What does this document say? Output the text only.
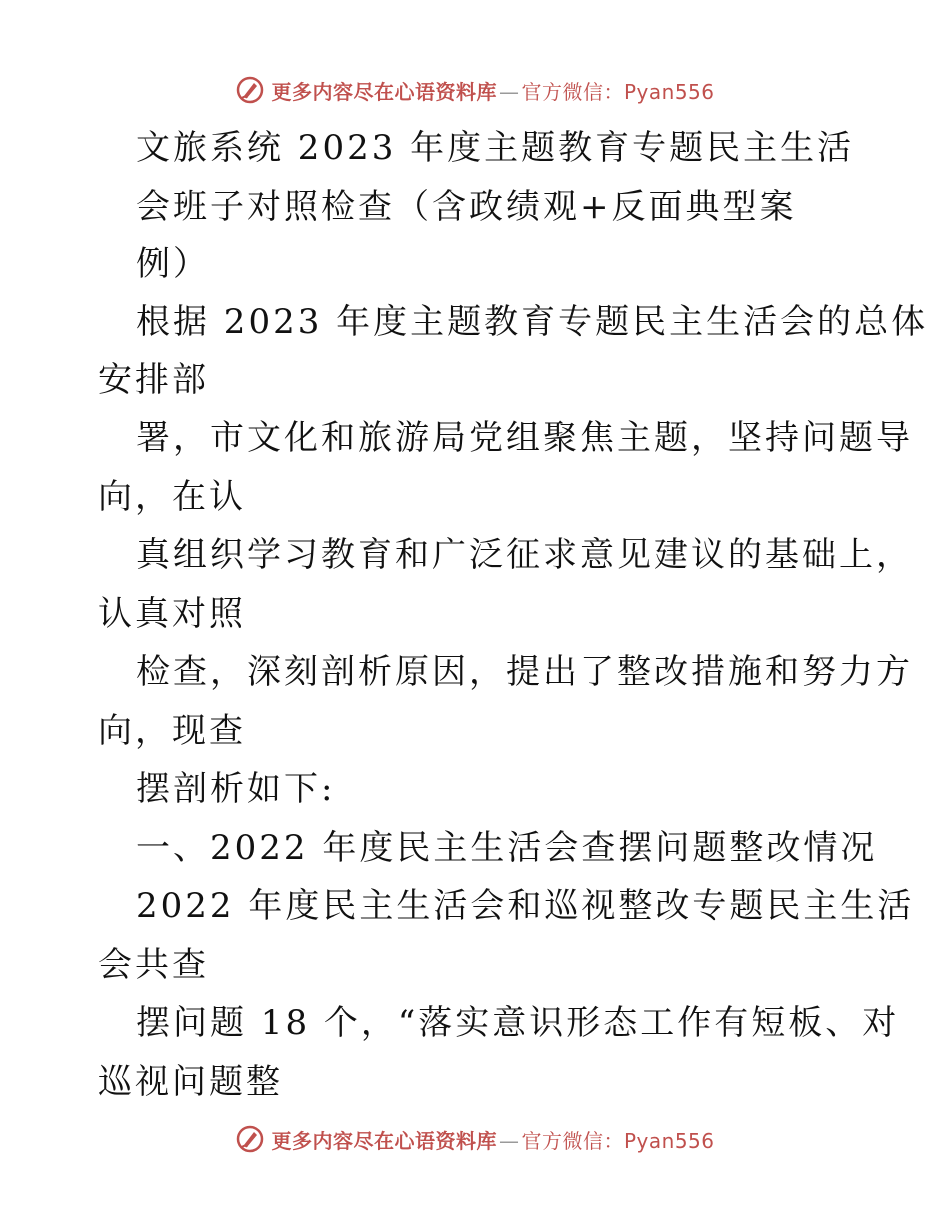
更多内容尽在心语资料库 — 官方微信：Pyan556
文旅系统 2023 年度主题教育专题民主生活
会班子对照检查（含政绩观+反面典型案
例）
根据 2023 年度主题教育专题民主生活会的总体
安排部
署，市文化和旅游局党组聚焦主题，坚持问题导
向，在认
真组织学习教育和广泛征求意见建议的基础上，
认真对照
检查，深刻剖析原因，提出了整改措施和努力方
向，现查
摆剖析如下:
一、2022 年度民主生活会查摆问题整改情况
2022 年度民主生活会和巡视整改专题民主生活
会共查
摆问题 18 个，“落实意识形态工作有短板、对
巡视问题整
更多内容尽在心语资料库 — 官方微信：Pyan556
